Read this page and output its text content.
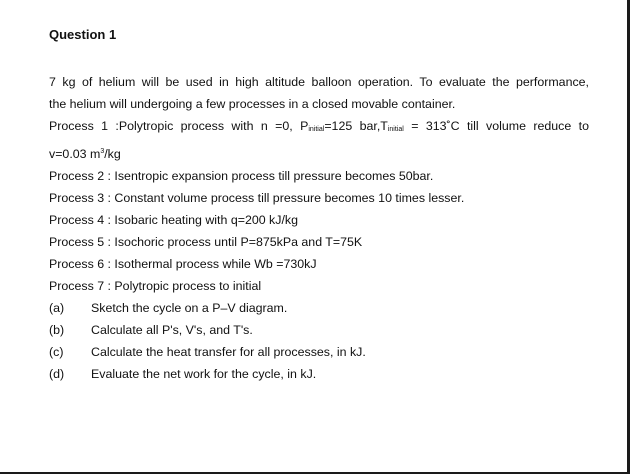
Question 1
7 kg of helium will be used in high altitude balloon operation. To evaluate the performance,
the helium will undergoing a few processes in a closed movable container.
Process 1 :Polytropic process with n =0, Pinitial=125 bar,Tinitial = 313˚C till volume reduce to
v=0.03 $m^3/kg$
Process 2 : Isentropic expansion process till pressure becomes 50bar.
Process 3 : Constant volume process till pressure becomes 10 times lesser.
Process 4 : Isobaric heating with q=200 kJ/kg
Process 5 : Isochoric process until P=875kPa and T=75K
Process 6 : Isothermal process while Wb =730kJ
Process 7 : Polytropic process to initial
(a)	Sketch the cycle on a P–V diagram.
(b)	Calculate all P's, V's, and T's.
(c)	Calculate the heat transfer for all processes, in kJ.
(d)	Evaluate the net work for the cycle, in kJ.
